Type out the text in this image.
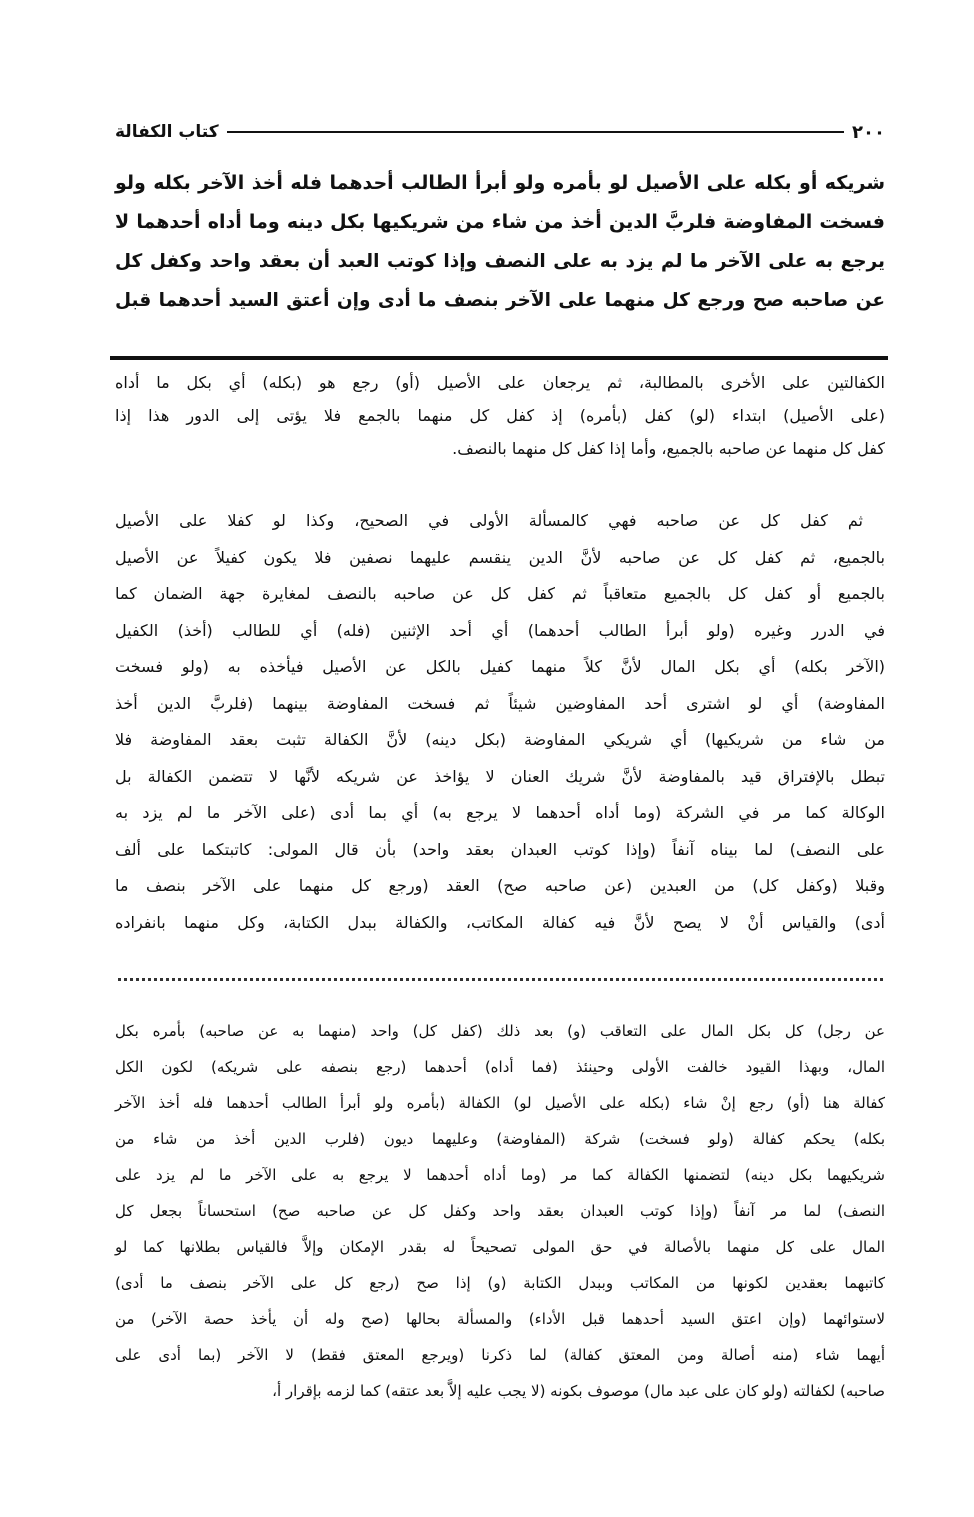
٢٠٠
كتاب الكفالة
شريكه أو بكله على الأصيل لو بأمره ولو أبرأ الطالب أحدهما فله أخذ الآخر بكله ولو
فسخت المفاوضة فلربَّ الدين أخذ من شاء من شريكيها بكل دينه وما أداه أحدهما لا
يرجع به على الآخر ما لم يزد به على النصف وإذا كوتب العبد أن بعقد واحد وكفل كل
عن صاحبه صح ورجع كل منهما على الآخر بنصف ما أدى وإن أعتق السيد أحدهما قبل
الكفالتين على الأخرى بالمطالبة، ثم يرجعان على الأصيل (أو) رجع هو (بكله) أي بكل ما أداه
(على الأصيل) ابتداء (لو) كفل (بأمره) إذ كفل كل منهما بالجمع فلا يؤتى إلى الدور هذا إذا
كفل كل منهما عن صاحبه بالجميع، وأما إذا كفل كل منهما بالنصف.
ثم كفل كل عن صاحبه فهي كالمسألة الأولى في الصحيح، وكذا لو كفلا على الأصيل
بالجميع، ثم كفل كل عن صاحبه لأنَّ الدين ينقسم عليهما نصفين فلا يكون كفيلاً عن الأصيل
بالجميع أو كفل كل بالجميع متعاقباً ثم كفل كل عن صاحبه بالنصف لمغايرة جهة الضمان كما
في الدرر وغيره (ولو أبرأ الطالب أحدهما) أي أحد الإثنين (فله) أي للطالب (أخذ) الكفيل
(الآخر بكله) أي بكل المال لأنَّ كلاً منهما كفيل بالكل عن الأصيل فيأخذه به (ولو فسخت
المفاوضة) أي لو اشترى أحد المفاوضين شيئاً ثم فسخت المفاوضة بينهما (فلربَّ الدين أخذ
من شاء من شريكيها) أي شريكي المفاوضة (بكل دينه) لأنَّ الكفالة تثبت بعقد المفاوضة فلا
تبطل بالإفتراق قيد بالمفاوضة لأنَّ شريك العنان لا يؤاخذ عن شريكه لأنَّها لا تتضمن الكفالة بل
الوكالة كما مر في الشركة (وما أداه أحدهما لا يرجع به) أي بما أدى (على الآخر ما لم يزد به
على النصف) لما بيناه آنفاً (وإذا كوتب العبدان بعقد واحد) بأن قال المولى: كاتبتكما على ألف
وقبلا (وكفل كل) من العبدين (عن صاحبه صح) العقد (ورجع كل منهما على الآخر بنصف ما
أدى) والقياس أنْ لا يصح لأنَّ فيه كفالة المكاتب، والكفالة ببدل الكتابة، وكل منهما بانفراده
عن رجل) كل بكل المال على التعاقب (و) بعد ذلك (كفل كل) واحد (منهما به عن صاحبه) بأمره بكل
المال، وبهذا القيود خالفت الأولى وحينئذ (فما أداه) أحدهما (رجع بنصفه على شريكه) لكون الكل
كفالة هنا (أو) رجع إنْ شاء (بكله على الأصيل لو) الكفالة (بأمره ولو أبرأ الطالب أحدهما فله أخذ الآخر
بكله) يحكم كفالة (ولو فسخت) شركة (المفاوضة) وعليهما ديون (فلرب الدين أخذ من شاء من
شريكيهما بكل دينه) لتضمنها الكفالة كما مر (وما أداه أحدهما لا يرجع به على الآخر ما لم يزد على
النصف) لما مر آنفاً (وإذا كوتب العبدان بعقد واحد وكفل كل عن صاحبه صح) استحساناً بجعل كل
المال على كل منهما بالأصالة في حق المولى تصحيحاً له بقدر الإمكان وإلاَّ فالقياس بطلانها كما لو
كاتبهما بعقدين لكونها من المكاتب وببدل الكتابة (و) إذا صح (رجع كل على الآخر بنصف ما أدى)
لاستوائهما (وإن اعتق السيد أحدهما قبل الأداء) والمسألة بحالها (صح وله أن يأخذ حصة الآخر) من
أيهما شاء (منه أصالة ومن المعتق كفالة) لما ذكرنا (ويرجع المعتق فقط) لا الآخر (بما أدى على
صاحبه) لكفالته (ولو كان على عبد مال) موصوف بكونه (لا يجب عليه إلاَّ بعد عتقه) كما لزمه بإقرار أ،
